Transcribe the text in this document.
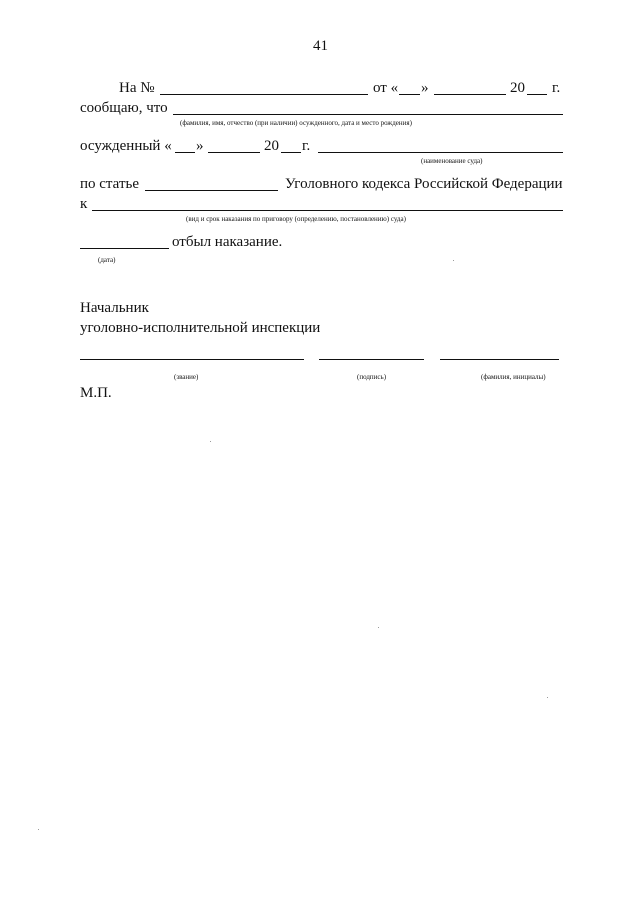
41
На №	от « »	20 г.
сообщаю, что
(фамилия, имя, отчество (при наличии) осужденного, дата и место рождения)
осужденный « »	20 г.
(наименование суда)
по статье	Уголовного кодекса Российской Федерации
к
(вид и срок наказания по приговору (определению, постановлению) суда)
отбыл наказание.
(дата)
Начальник
уголовно-исполнительной инспекции
(звание)	(подпись)	(фамилия, инициалы)
М.П.
